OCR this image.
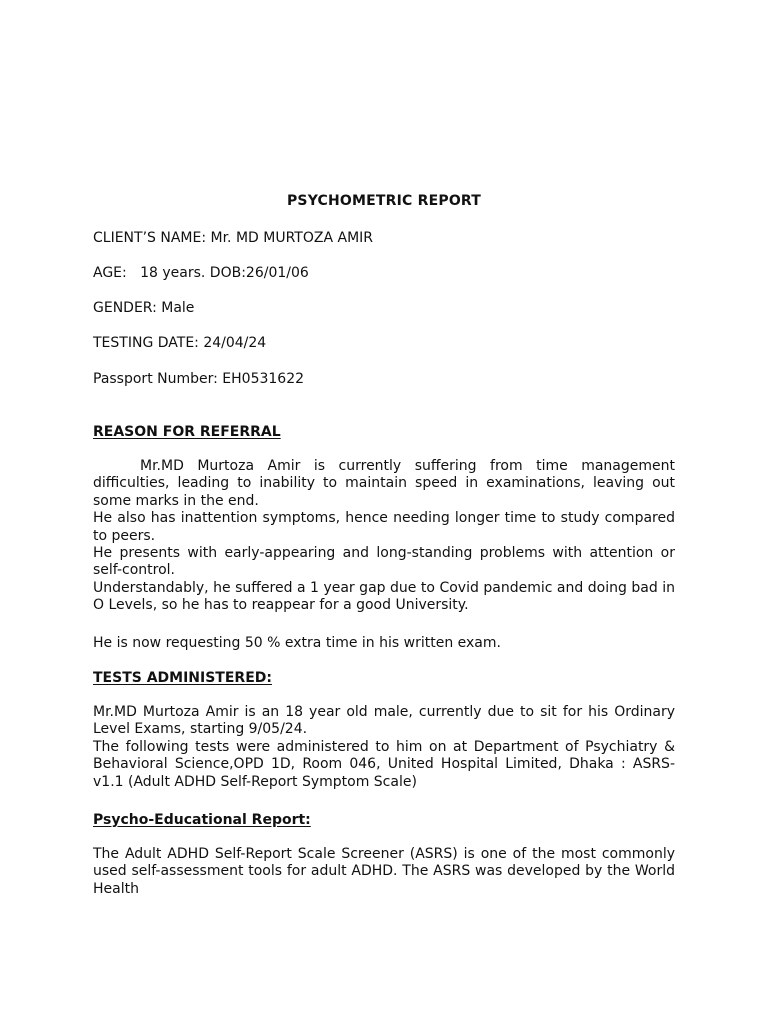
PSYCHOMETRIC REPORT
CLIENT’S NAME: Mr. MD MURTOZA AMIR
AGE:   18 years. DOB:26/01/06
GENDER: Male
TESTING DATE: 24/04/24
Passport Number: EH0531622
REASON FOR REFERRAL

Mr.MD Murtoza Amir is currently suffering from time management difficulties, leading to inability to maintain speed in examinations, leaving out some marks in the end.

He also has inattention symptoms, hence needing longer time to study compared to peers.

He presents with early-appearing and long-standing problems with attention or self-control.

Understandably, he suffered a 1 year gap due to Covid pandemic and doing bad in O Levels, so he has to reappear for a good University.

He is now requesting 50 % extra time in his written exam.
TESTS ADMINISTERED:

Mr.MD Murtoza Amir is an 18 year old male, currently due to sit for his Ordinary Level Exams, starting 9/05/24.

The following tests were administered to him on at Department of Psychiatry & Behavioral Science,OPD 1D, Room 046, United Hospital Limited, Dhaka : ASRS-v1.1 (Adult ADHD Self-Report Symptom Scale)

Psycho-Educational Report:

The Adult ADHD Self-Report Scale Screener (ASRS) is one of the most commonly used self-assessment tools for adult ADHD. The ASRS was developed by the World Health
